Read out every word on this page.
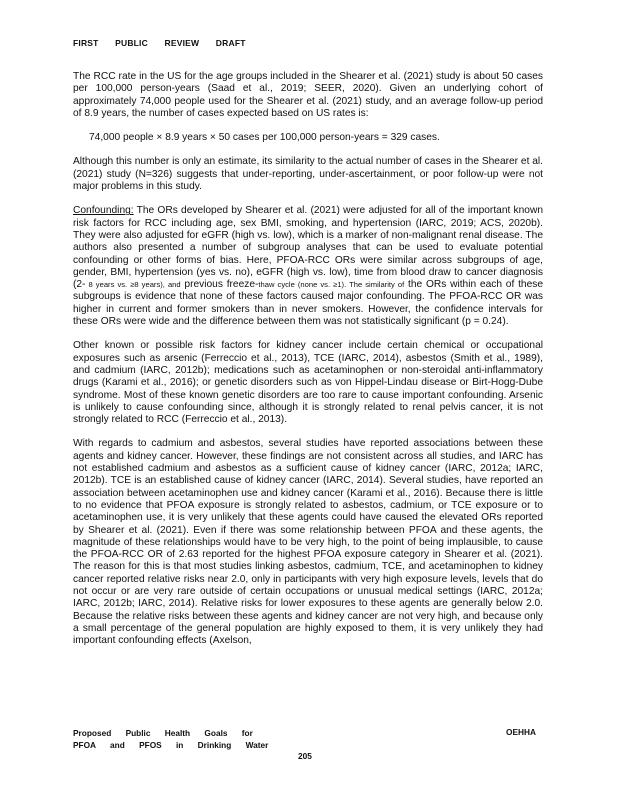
FIRST PUBLIC REVIEW DRAFT

The RCC rate in the US for the age groups included in the Shearer et al. (2021) study is about 50 cases per 100,000 person-years (Saad et al., 2019; SEER, 2020). Given an underlying cohort of approximately 74,000 people used for the Shearer et al. (2021) study, and an average follow-up period of 8.9 years, the number of cases expected based on US rates is:

74,000 people × 8.9 years × 50 cases per 100,000 person-years = 329 cases.

Although this number is only an estimate, its similarity to the actual number of cases in the Shearer et al. (2021) study (N=326) suggests that under-reporting, under-ascertainment, or poor follow-up were not major problems in this study.

Confounding: The ORs developed by Shearer et al. (2021) were adjusted for all of the important known risk factors for RCC including age, sex BMI, smoking, and hypertension (IARC, 2019; ACS, 2020b). They were also adjusted for eGFR (high vs. low), which is a marker of non-malignant renal disease. The authors also presented a number of subgroup analyses that can be used to evaluate potential confounding or other forms of bias. Here, PFOA-RCC ORs were similar across subgroups of age, gender, BMI, hypertension (yes vs. no), eGFR (high vs. low), time from blood draw to cancer diagnosis (2- 8 years vs. ≥8 years), and previous freeze-thaw cycle (none vs. ≥1). The similarity of the ORs within each of these subgroups is evidence that none of these factors caused major confounding. The PFOA-RCC OR was higher in current and former smokers than in never smokers. However, the confidence intervals for these ORs were wide and the difference between them was not statistically significant (p = 0.24).

Other known or possible risk factors for kidney cancer include certain chemical or occupational exposures such as arsenic (Ferreccio et al., 2013), TCE (IARC, 2014), asbestos (Smith et al., 1989), and cadmium (IARC, 2012b); medications such as acetaminophen or non-steroidal anti-inflammatory drugs (Karami et al., 2016); or genetic disorders such as von Hippel-Lindau disease or Birt-Hogg-Dube syndrome. Most of these known genetic disorders are too rare to cause important confounding. Arsenic is unlikely to cause confounding since, although it is strongly related to renal pelvis cancer, it is not strongly related to RCC (Ferreccio et al., 2013).

With regards to cadmium and asbestos, several studies have reported associations between these agents and kidney cancer. However, these findings are not consistent across all studies, and IARC has not established cadmium and asbestos as a sufficient cause of kidney cancer (IARC, 2012a; IARC, 2012b). TCE is an established cause of kidney cancer (IARC, 2014). Several studies, have reported an association between acetaminophen use and kidney cancer (Karami et al., 2016). Because there is little to no evidence that PFOA exposure is strongly related to asbestos, cadmium, or TCE exposure or to acetaminophen use, it is very unlikely that these agents could have caused the elevated ORs reported by Shearer et al. (2021). Even if there was some relationship between PFOA and these agents, the magnitude of these relationships would have to be very high, to the point of being implausible, to cause the PFOA-RCC OR of 2.63 reported for the highest PFOA exposure category in Shearer et al. (2021). The reason for this is that most studies linking asbestos, cadmium, TCE, and acetaminophen to kidney cancer reported relative risks near 2.0, only in participants with very high exposure levels, levels that do not occur or are very rare outside of certain occupations or unusual medical settings (IARC, 2012a; IARC, 2012b; IARC, 2014). Relative risks for lower exposures to these agents are generally below 2.0. Because the relative risks between these agents and kidney cancer are not very high, and because only a small percentage of the general population are highly exposed to them, it is very unlikely they had important confounding effects (Axelson,

Proposed Public Health Goals for
PFOA and PFOS in Drinking Water
OEHHA
205
